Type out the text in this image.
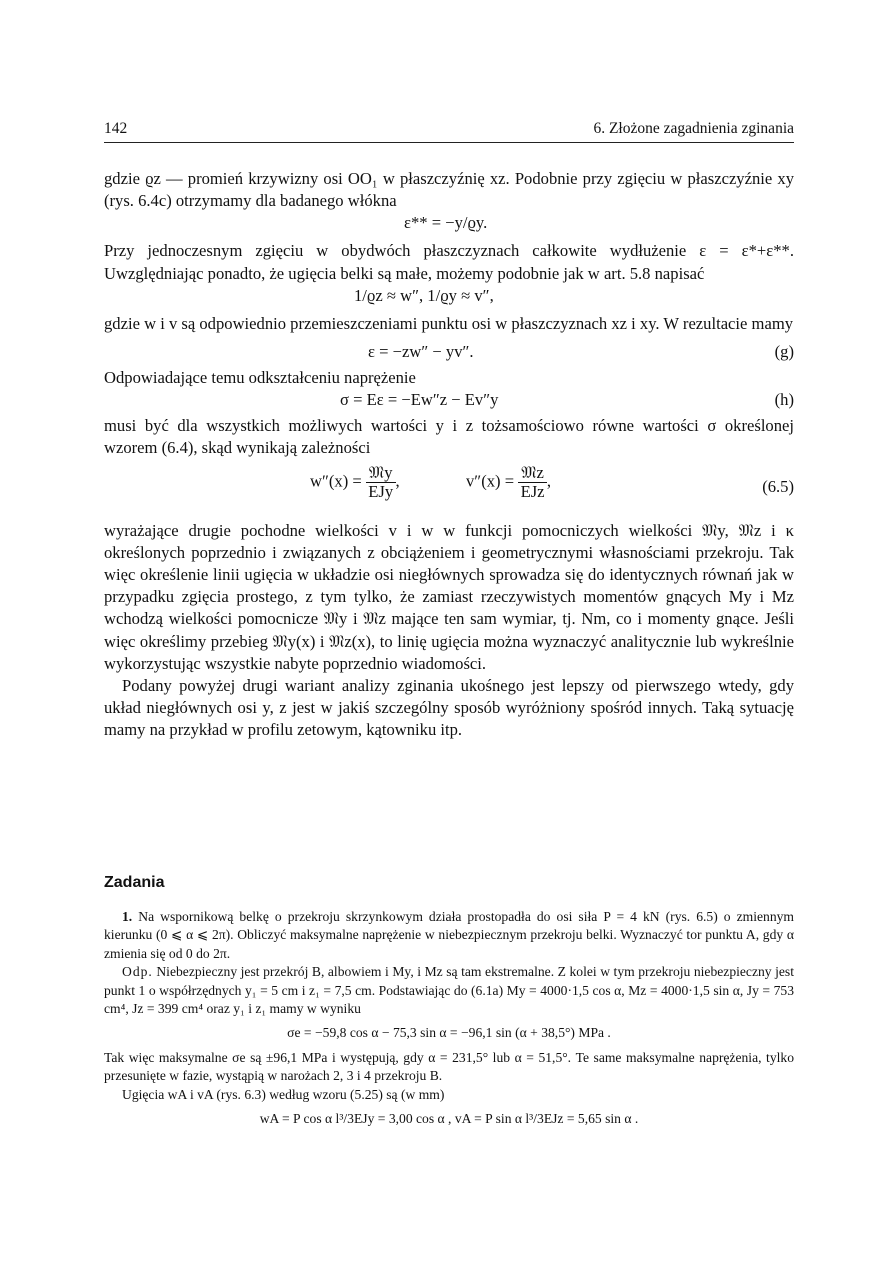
142	6. Złożone zagadnienia zginania

gdzie ϱz — promień krzywizny osi OO₁ w płaszczyźnię xz. Podobnie przy zgięciu w płaszczyźnie xy (rys. 6.4c) otrzymamy dla badanego włókna

ε** = −y/ϱy.

Przy jednoczesnym zgięciu w obydwóch płaszczyznach całkowite wydłużenie ε = ε*+ε**. Uwzględniając ponadto, że ugięcia belki są małe, możemy podobnie jak w art. 5.8 napisać

1/ϱz ≈ w″, 1/ϱy ≈ v″,

gdzie w i v są odpowiednio przemieszczeniami punktu osi w płaszczyznach xz i xy. W rezultacie mamy

ε = −zw″ − yv″.	(g)

Odpowiadające temu odkształceniu naprężenie

σ = Eε = −Ew″z − Ev″y	(h)

musi być dla wszystkich możliwych wartości y i z tożsamościowo równe wartości σ określonej wzorem (6.4), skąd wynikają zależności

$w''(x) = \frac{\text{𝔐y}}{\text{EJy}}$ ,	$v''(x) = \frac{\text{𝔐z}}{\text{EJz}}$ ,	(6.5)

wyrażające drugie pochodne wielkości v i w w funkcji pomocniczych wielkości 𝔐y, 𝔐z i κ określonych poprzednio i związanych z obciążeniem i geometrycznymi własnościami przekroju. Tak więc określenie linii ugięcia w układzie osi niegłównych sprowadza się do identycznych równań jak w przypadku zgięcia prostego, z tym tylko, że zamiast rzeczywistych momentów gnących My i Mz wchodzą wielkości pomocnicze 𝔐y i 𝔐z mające ten sam wymiar, tj. Nm, co i momenty gnące. Jeśli więc określimy przebieg 𝔐y(x) i 𝔐z(x), to linię ugięcia można wyznaczyć analitycznie lub wykreślnie wykorzystując wszystkie nabyte poprzednio wiadomości.

Podany powyżej drugi wariant analizy zginania ukośnego jest lepszy od pierwszego wtedy, gdy układ niegłównych osi y, z jest w jakiś szczególny sposób wyróżniony spośród innych. Taką sytuację mamy na przykład w profilu zetowym, kątowniku itp.

Zadania

1. Na wspornikową belkę o przekroju skrzynkowym działa prostopadła do osi siła P = 4 kN (rys. 6.5) o zmiennym kierunku (0 ⩽ α ⩽ 2π). Obliczyć maksymalne naprężenie w niebezpiecznym przekroju belki. Wyznaczyć tor punktu A, gdy α zmienia się od 0 do 2π.

Odp. Niebezpieczny jest przekrój B, albowiem i My, i Mz są tam ekstremalne. Z kolei w tym przekroju niebezpieczny jest punkt 1 o współrzędnych y₁ = 5 cm i z₁ = 7,5 cm. Podstawiając do (6.1a) My = 4000·1,5 cos α, Mz = 4000·1,5 sin α, Jy = 753 cm⁴, Jz = 399 cm⁴ oraz y₁ i z₁ mamy w wyniku

σe = −59,8 cos α − 75,3 sin α = −96,1 sin (α + 38,5°) MPa .

Tak więc maksymalne σe są ±96,1 MPa i występują, gdy α = 231,5° lub α = 51,5°. Te same maksymalne naprężenia, tylko przesunięte w fazie, wystąpią w narożach 2, 3 i 4 przekroju B.

Ugięcia wA i vA (rys. 6.3) według wzoru (5.25) są (w mm)

wA = P cos α l³/3EJy = 3,00 cos α , vA = P sin α l³/3EJz = 5,65 sin α .
